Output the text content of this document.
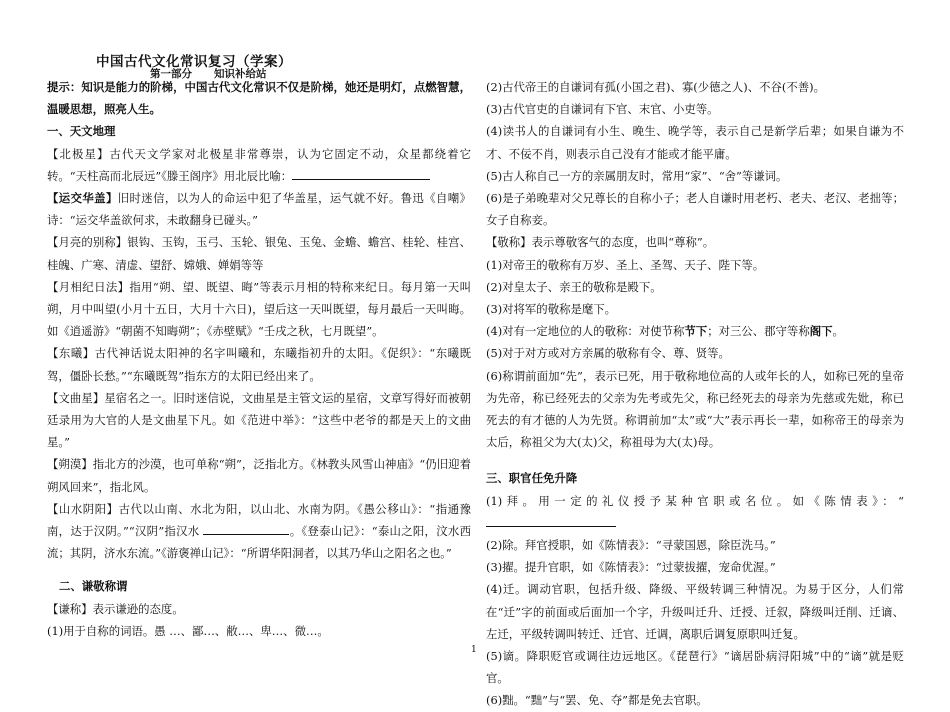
中国古代文化常识复习（学案）
第一部分 知识补给站

提示：知识是能力的阶梯，中国古代文化常识不仅是阶梯，她还是明灯，点燃智慧，温暖思想，照亮人生。

一、天文地理

【北极星】古代天文学家对北极星非常尊崇，认为它固定不动，众星都绕着它转。“天柱高而北辰远”《滕王阁序》用北辰比喻：

【运交华盖】旧时迷信，以为人的命运中犯了华盖星，运气就不好。鲁迅《自嘲》诗：“运交华盖欲何求，未敢翻身已碰头。”

【月亮的别称】银钩、玉钩，玉弓、玉轮、银兔、玉兔、金蟾、蟾宫、桂轮、桂宫、桂魄、广寒、清虚、望舒、嫦娥、婵娟等等

【月相纪日法】指用“朔、望、既望、晦”等表示月相的特称来纪日。每月第一天叫朔，月中叫望(小月十五日，大月十六日)，望后这一天叫既望，每月最后一天叫晦。如《逍遥游》“朝菌不知晦朔”；《赤壁赋》“壬戌之秋，七月既望”。

【东曦】古代神话说太阳神的名字叫曦和，东曦指初升的太阳。《促织》：“东曦既驾，僵卧长愁。”“东曦既驾”指东方的太阳已经出来了。

【文曲星】星宿名之一。旧时迷信说，文曲星是主管文运的星宿，文章写得好而被朝廷录用为大官的人是文曲星下凡。如《范进中举》：“这些中老爷的都是天上的文曲星。”

【朔漠】指北方的沙漠，也可单称“朔”，泛指北方。《林教头风雪山神庙》“仍旧迎着朔风回来”，指北风。

【山水阴阳】古代以山南、水北为阳，以山北、水南为阴。《愚公移山》：“指通豫南，达于汉阴。”“汉阴”指汉水	。《登泰山记》：“泰山之阳，汶水西流；其阴，济水东流。”《游褒禅山记》：“所谓华阳洞者，以其乃华山之阳名之也。”

二、谦敬称谓

【谦称】表示谦逊的态度。

(1)用于自称的词语。愚 …、鄙…、敝…、卑…、微…。

(2)古代帝王的自谦词有孤(小国之君)、寡(少德之人)、不谷(不善)。

(3)古代官吏的自谦词有下官、末官、小吏等。

(4)读书人的自谦词有小生、晚生、晚学等，表示自己是新学后辈；如果自谦为不才、不佞不肖，则表示自己没有才能或才能平庸。

(5)古人称自己一方的亲属朋友时，常用“家”、“舍”等谦词。

(6)是子弟晚辈对父兄尊长的自称小子；老人自谦时用老朽、老夫、老汉、老拙等；女子自称妾。

【敬称】表示尊敬客气的态度，也叫“尊称”。

(1)对帝王的敬称有万岁、圣上、圣驾、天子、陛下等。

(2)对皇太子、亲王的敬称是殿下。

(3)对将军的敬称是麾下。

(4)对有一定地位的人的敬称：对使节称节下；对三公、郡守等称阁下。

(5)对于对方或对方亲属的敬称有令、尊、贤等。

(6)称谓前面加“先”，表示已死，用于敬称地位高的人或年长的人，如称已死的皇帝为先帝，称已经死去的父亲为先考或先父，称已经死去的母亲为先慈或先妣，称已死去的有才德的人为先贤。称谓前加“太”或“大”表示再长一辈，如称帝王的母亲为太后，称祖父为大(太)父，称祖母为大(太)母。

三、职官任免升降

(1)拜。用一定的礼仪授予某种官职或名位。如《陈情表》：“

(2)除。拜官授职，如《陈情表》：“寻蒙国恩，除臣洗马。”

(3)擢。提升官职，如《陈情表》：“过蒙拔擢，宠命优渥。”

(4)迁。调动官职，包括升级、降级、平级转调三种情况。为易于区分，人们常在“迁”字的前面或后面加一个字，升级叫迁升、迁授、迁叙，降级叫迁削、迁谪、左迁，平级转调叫转迁、迁官、迁调，离职后调复原职叫迁复。

(5)谪。降职贬官或调往边远地区。《琵琶行》“谪居卧病浔阳城”中的“谪”就是贬官。

(6)黜。“黜”与“罢、免、夺”都是免去官职。

1
